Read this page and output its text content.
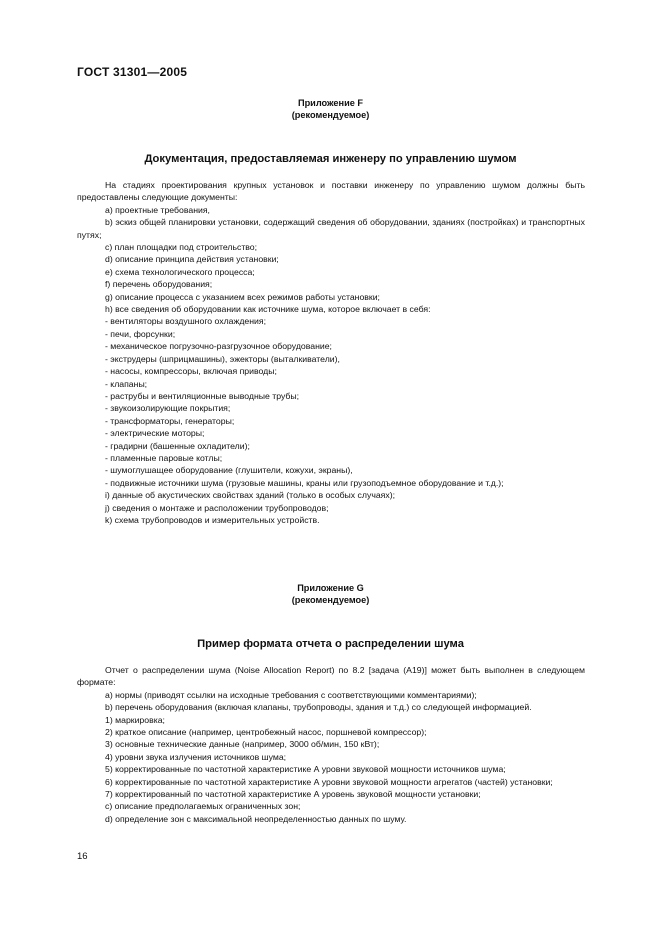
ГОСТ 31301—2005
Приложение F
(рекомендуемое)
Документация, предоставляемая инженеру по управлению шумом

На стадиях проектирования крупных установок и поставки инженеру по управлению шумом должны быть предоставлены следующие документы:

a) проектные требования,

b) эскиз общей планировки установки, содержащий сведения об оборудовании, зданиях (постройках) и транспортных путях;

c) план площадки под строительство;

d) описание принципа действия установки;

e) схема технологического процесса;

f) перечень оборудования;

g) описание процесса с указанием всех режимов работы установки;

h) все сведения об оборудовании как источнике шума, которое включает в себя:

- вентиляторы воздушного охлаждения;

- печи, форсунки;

- механическое погрузочно-разгрузочное оборудование;

- экструдеры (шприцмашины), эжекторы (выталкиватели),

- насосы, компрессоры, включая приводы;

- клапаны;

- раструбы и вентиляционные выводные трубы;

- звукоизолирующие покрытия;

- трансформаторы, генераторы;

- электрические моторы;

- градирни (башенные охладители);

- пламенные паровые котлы;

- шумоглушащее оборудование (глушители, кожухи, экраны),

- подвижные источники шума (грузовые машины, краны или грузоподъемное оборудование и т.д.);

i) данные об акустических свойствах зданий (только в особых случаях);

j) сведения о монтаже и расположении трубопроводов;

k) схема трубопроводов и измерительных устройств.

Приложение G
(рекомендуемое)
Пример формата отчета о распределении шума

Отчет о распределении шума (Noise Allocation Report) по 8.2 [задача (А19)] может быть выполнен в следующем формате:

a) нормы (приводят ссылки на исходные требования с соответствующими комментариями);

b) перечень оборудования (включая клапаны, трубопроводы, здания и т.д.) со следующей информацией.

1) маркировка;

2) краткое описание (например, центробежный насос, поршневой компрессор);

3) основные технические данные (например, 3000 об/мин, 150 кВт);

4) уровни звука излучения источников шума;

5) корректированные по частотной характеристике А уровни звуковой мощности источников шума;

6) корректированные по частотной характеристике А уровни звуковой мощности агрегатов (частей) установки;

7) корректированный по частотной характеристике А уровень звуковой мощности установки;

c) описание предполагаемых ограниченных зон;

d) определение зон с максимальной неопределенностью данных по шуму.

16
